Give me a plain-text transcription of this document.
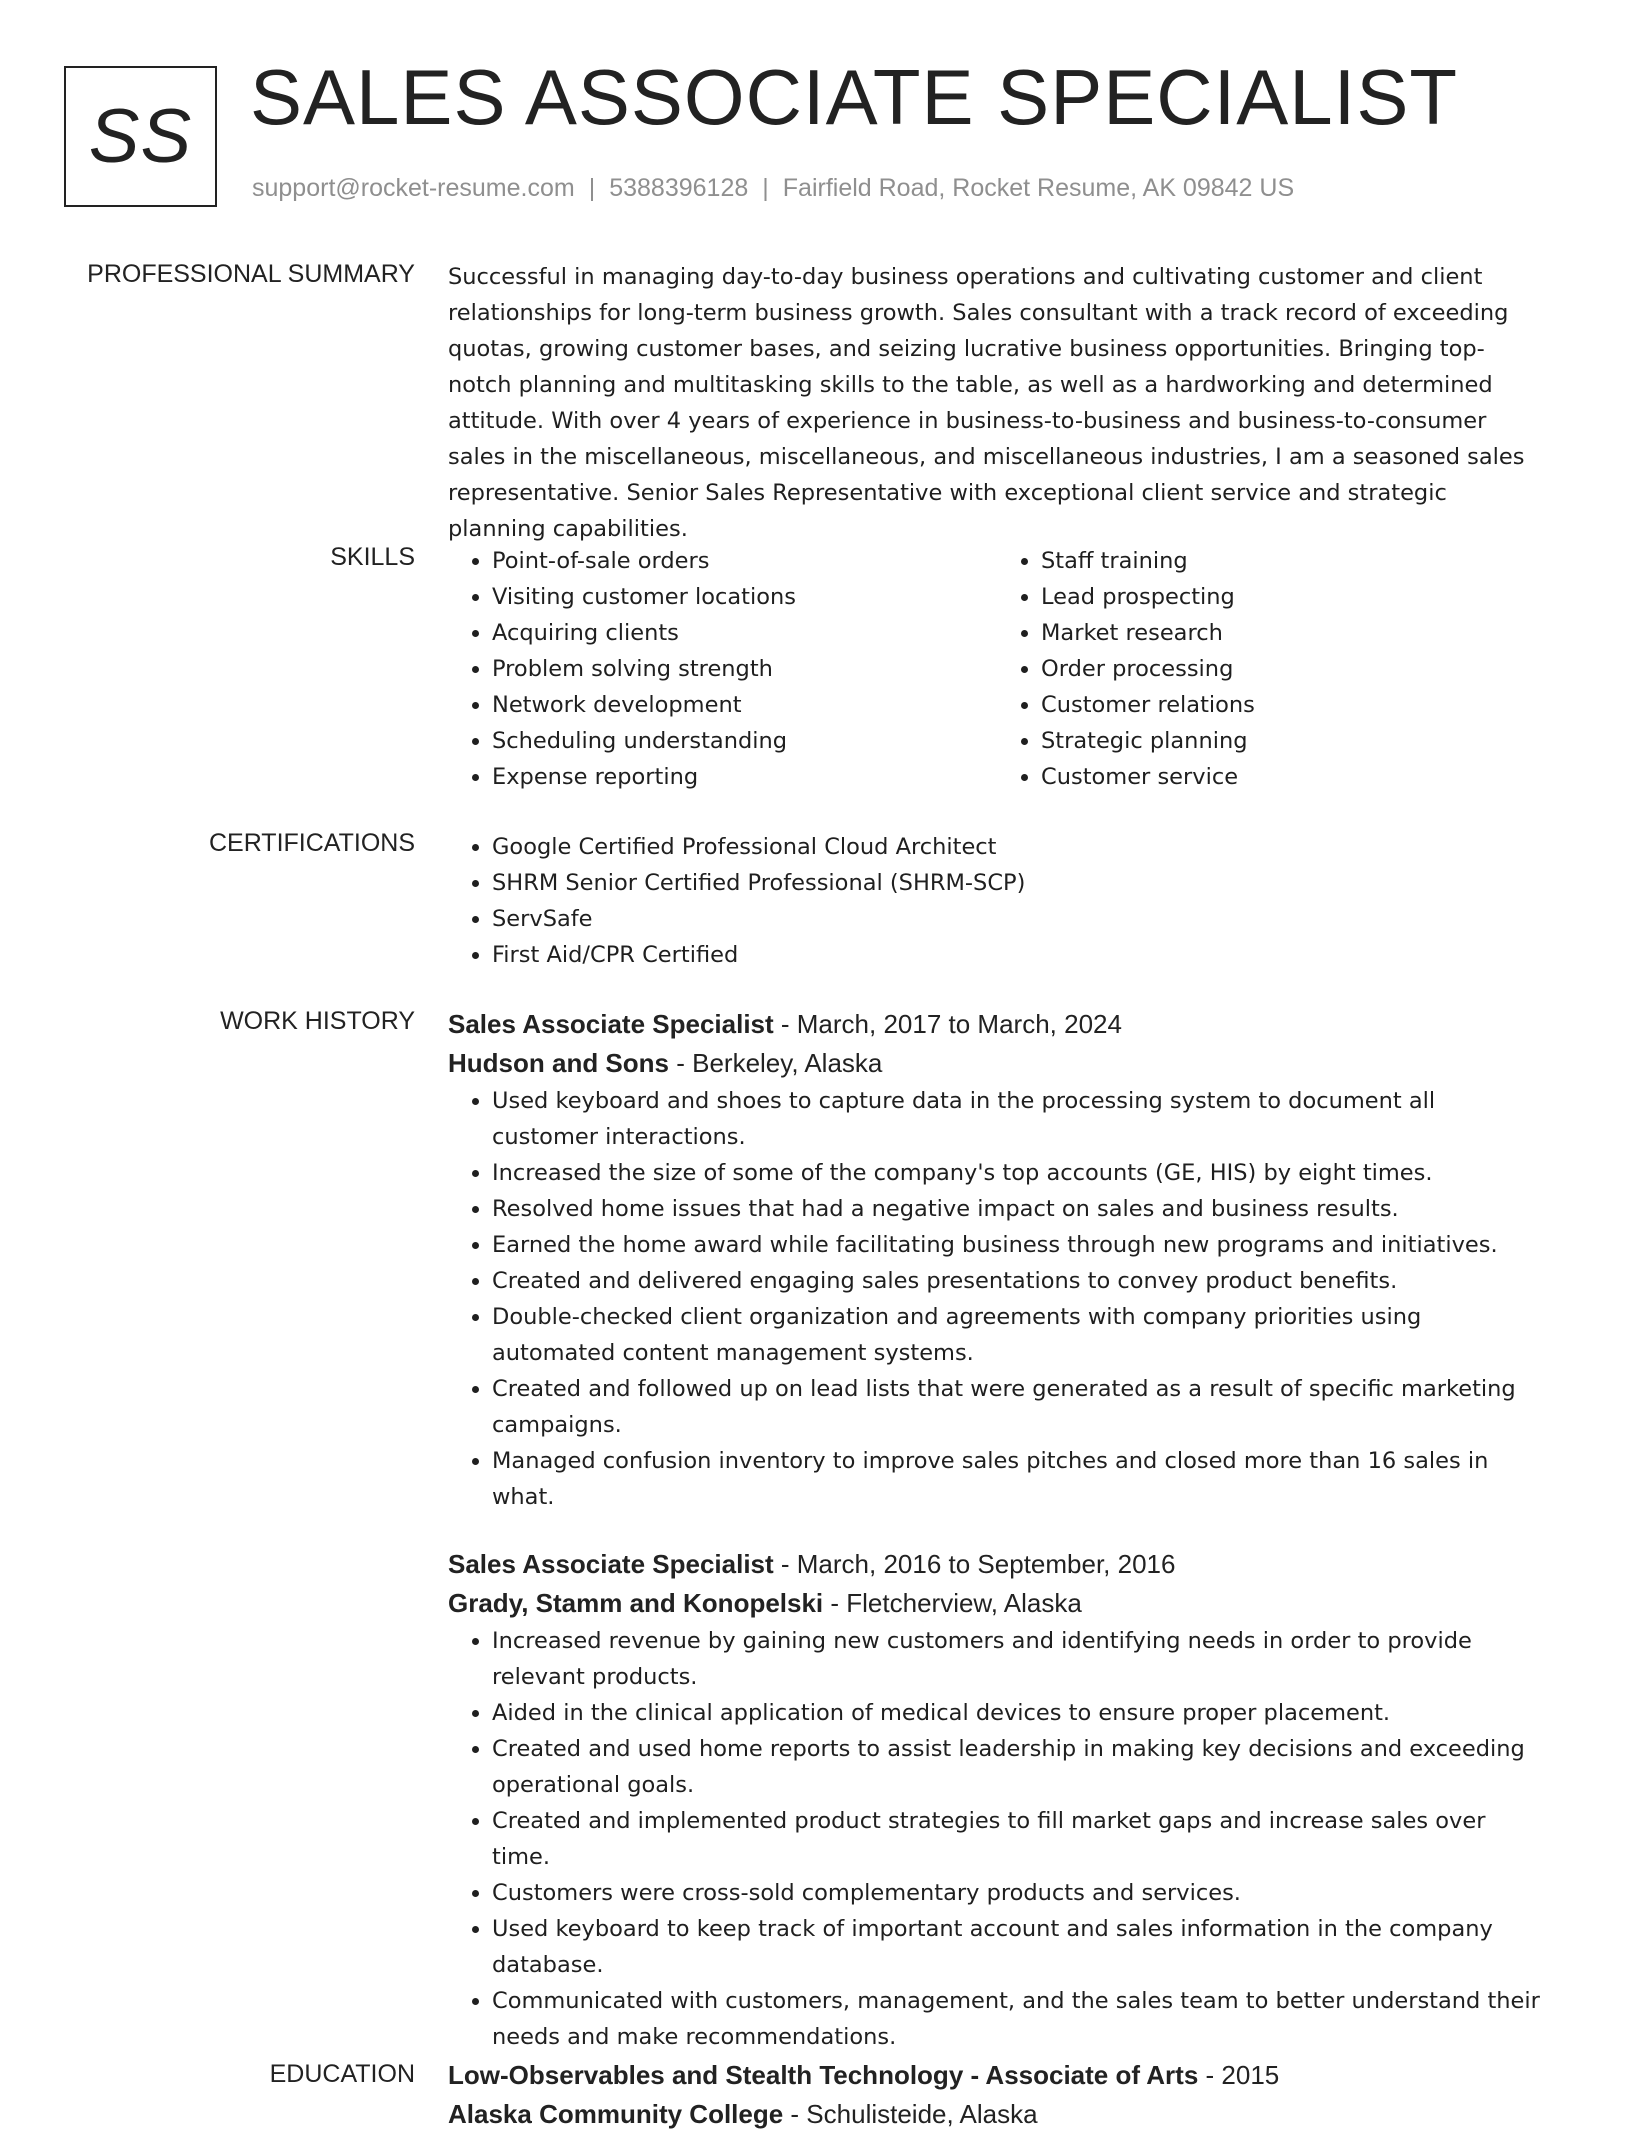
SS SALES ASSOCIATE SPECIALIST
support@rocket-resume.com | 5388396128 | Fairfield Road, Rocket Resume, AK 09842 US
PROFESSIONAL SUMMARY Successful in managing day-to-day business operations and cultivating customer and client relationships for long-term business growth. Sales consultant with a track record of exceeding quotas, growing customer bases, and seizing lucrative business opportunities. Bringing top-notch planning and multitasking skills to the table, as well as a hardworking and determined attitude. With over 4 years of experience in business-to-business and business-to-consumer sales in the miscellaneous, miscellaneous, and miscellaneous industries, I am a seasoned sales representative. Senior Sales Representative with exceptional client service and strategic planning capabilities.

SKILLS	• Point-of-sale orders
• Visiting customer locations
• Acquiring clients
• Problem solving strength
• Network development
• Scheduling understanding
• Expense reporting
• Staff training
• Lead prospecting
• Market research
• Order processing
• Customer relations
• Strategic planning
• Customer service
CERTIFICATIONS	• Google Certified Professional Cloud Architect
• SHRM Senior Certified Professional (SHRM-SCP)
• ServSafe
• First Aid/CPR Certified
WORK HISTORY Sales Associate Specialist - March, 2017 to March, 2024
Hudson and Sons - Berkeley, Alaska
• Used keyboard and shoes to capture data in the processing system to document all customer interactions.
• Increased the size of some of the company's top accounts (GE, HIS) by eight times.
• Resolved home issues that had a negative impact on sales and business results.
• Earned the home award while facilitating business through new programs and initiatives.
• Created and delivered engaging sales presentations to convey product benefits.
• Double-checked client organization and agreements with company priorities using automated content management systems.
• Created and followed up on lead lists that were generated as a result of specific marketing campaigns.
• Managed confusion inventory to improve sales pitches and closed more than 16 sales in what.
Sales Associate Specialist - March, 2016 to September, 2016
Grady, Stamm and Konopelski - Fletcherview, Alaska
• Increased revenue by gaining new customers and identifying needs in order to provide relevant products.
• Aided in the clinical application of medical devices to ensure proper placement.
• Created and used home reports to assist leadership in making key decisions and exceeding operational goals.
• Created and implemented product strategies to fill market gaps and increase sales over time.
• Customers were cross-sold complementary products and services.
• Used keyboard to keep track of important account and sales information in the company database.
• Communicated with customers, management, and the sales team to better understand their needs and make recommendations.
EDUCATION Low-Observables and Stealth Technology - Associate of Arts - 2015
Alaska Community College - Schulisteide, Alaska
